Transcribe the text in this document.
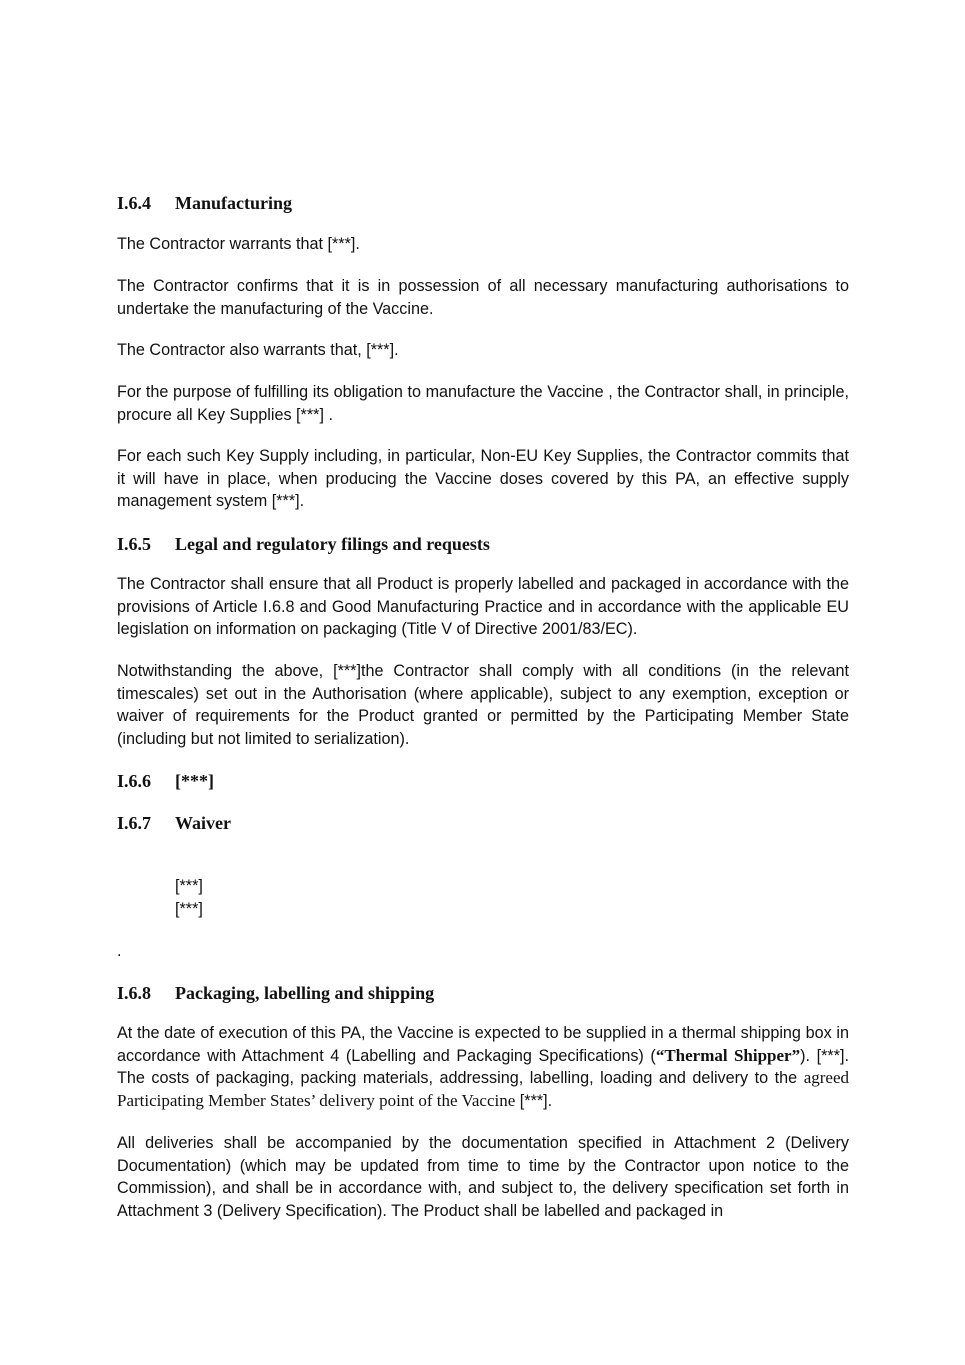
I.6.4 Manufacturing

The Contractor warrants that [***].

The Contractor confirms that it is in possession of all necessary manufacturing authorisations to undertake the manufacturing of the Vaccine.

The Contractor also warrants that, [***].

For the purpose of fulfilling its obligation to manufacture the Vaccine , the Contractor shall, in principle, procure all Key Supplies [***] .

For each such Key Supply including, in particular, Non-EU Key Supplies, the Contractor commits that it will have in place, when producing the Vaccine doses covered by this PA, an effective supply management system [***].

I.6.5 Legal and regulatory filings and requests

The Contractor shall ensure that all Product is properly labelled and packaged in accordance with the provisions of Article I.6.8 and Good Manufacturing Practice and in accordance with the applicable EU legislation on information on packaging (Title V of Directive 2001/83/EC).

Notwithstanding the above, [***]the Contractor shall comply with all conditions (in the relevant timescales) set out in the Authorisation (where applicable), subject to any exemption, exception or waiver of requirements for the Product granted or permitted by the Participating Member State (including but not limited to serialization).

I.6.6 [***]
I.6.7 Waiver

[***]

[***]

.

I.6.8 Packaging, labelling and shipping

At the date of execution of this PA, the Vaccine is expected to be supplied in a thermal shipping box in accordance with Attachment 4 (Labelling and Packaging Specifications) (“Thermal Shipper”). [***]. The costs of packaging, packing materials, addressing, labelling, loading and delivery to the agreed Participating Member States’ delivery point of the Vaccine [***].

All deliveries shall be accompanied by the documentation specified in Attachment 2 (Delivery Documentation) (which may be updated from time to time by the Contractor upon notice to the Commission), and shall be in accordance with, and subject to, the delivery specification set forth in Attachment 3 (Delivery Specification). The Product shall be labelled and packaged in
